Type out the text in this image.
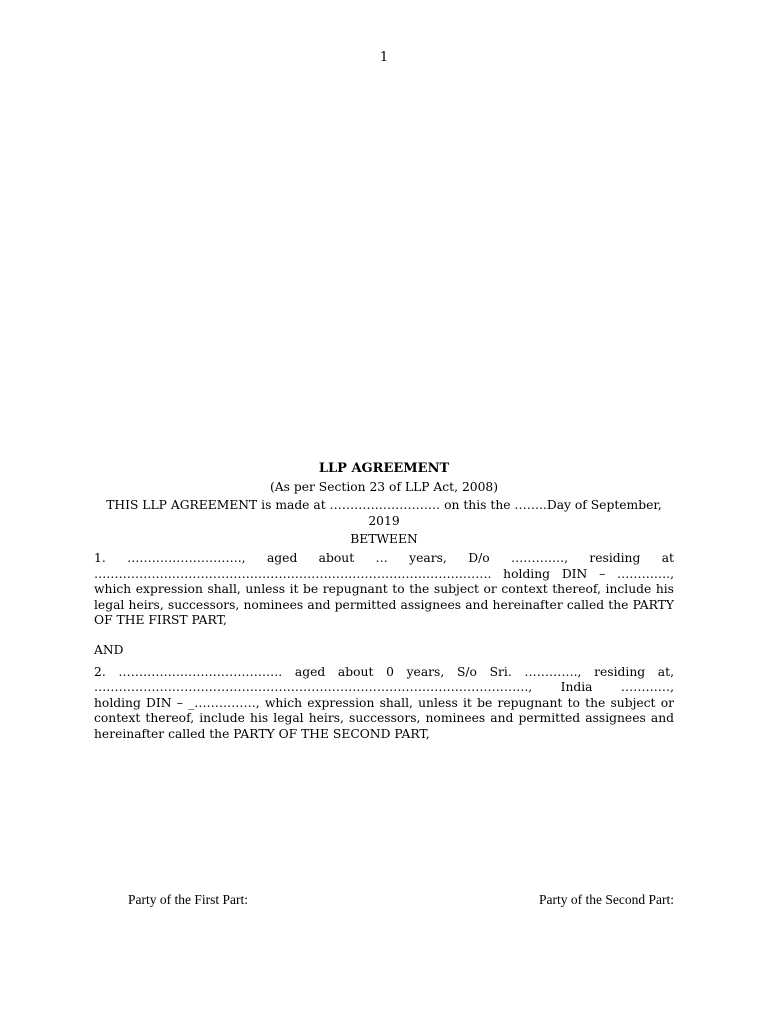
1
LLP AGREEMENT
(As per Section 23 of LLP Act, 2008)
THIS LLP AGREEMENT is made at ……………………… on this the ……..Day of September, 2019
BETWEEN

1. ………………………., aged about … years, D/o …………., residing at ……………………………………………………………………………………. holding DIN – …………., which expression shall, unless it be repugnant to the subject or context thereof, include his legal heirs, successors, nominees and permitted assignees and hereinafter called the PARTY OF THE FIRST PART,

AND

2. …………………………………. aged about 0 years, S/o Sri. …………., residing at, ……………………………………………………………………………………………., India …………, holding DIN – _……………, which expression shall, unless it be repugnant to the subject or context thereof, include his legal heirs, successors, nominees and permitted assignees and hereinafter called the PARTY OF THE SECOND PART,

Party of the First Part:	Party of the Second Part:
